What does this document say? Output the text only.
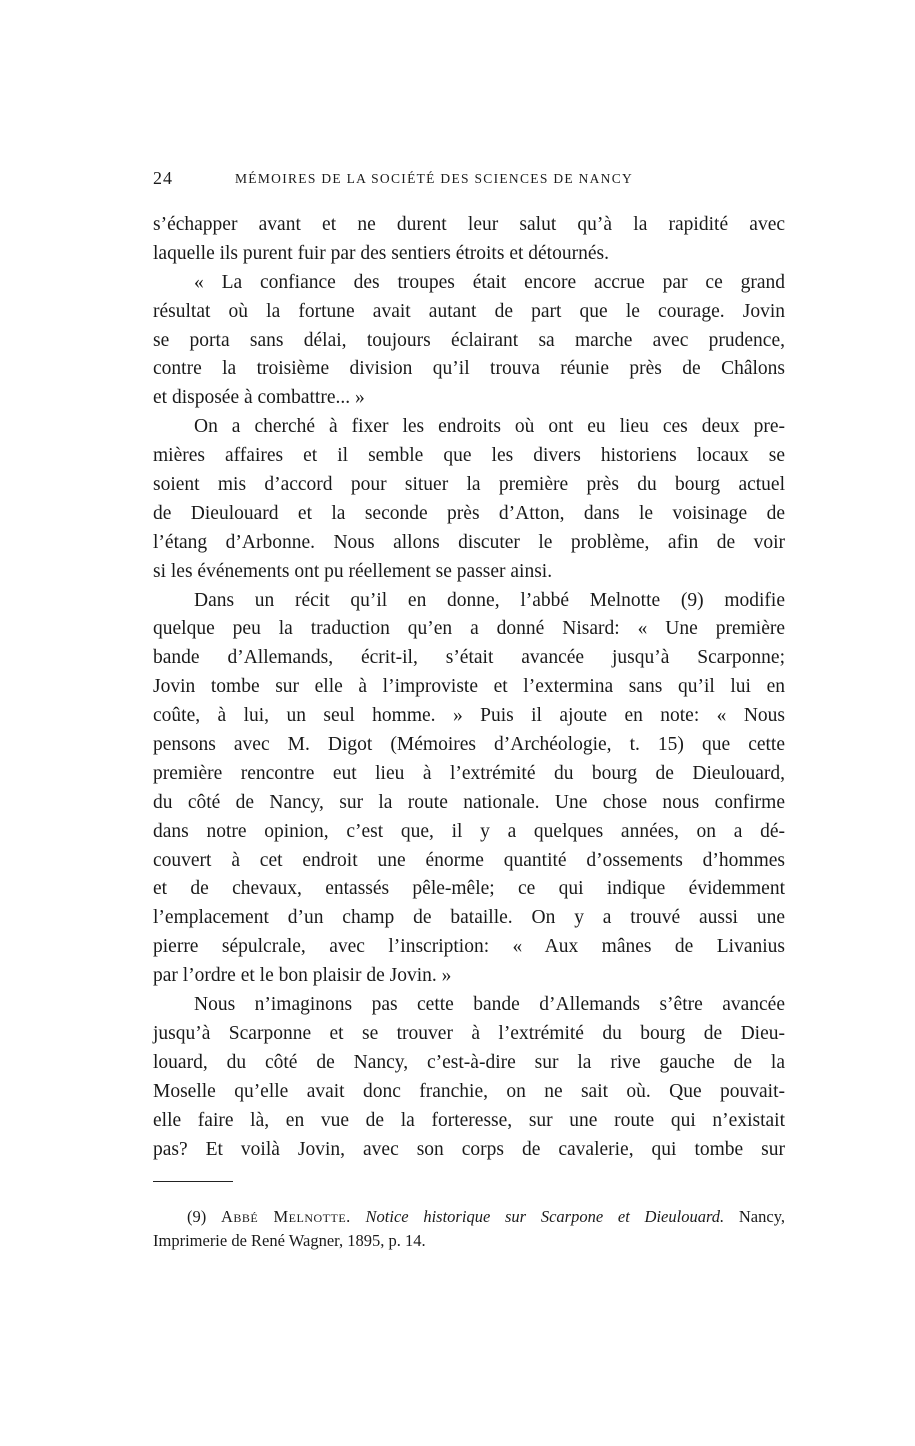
24	MÉMOIRES DE LA SOCIÉTÉ DES SCIENCES DE NANCY
s’échapper avant et ne durent leur salut qu’à la rapidité avec
laquelle ils purent fuir par des sentiers étroits et détournés.
« La confiance des troupes était encore accrue par ce grand
résultat où la fortune avait autant de part que le courage. Jovin
se porta sans délai, toujours éclairant sa marche avec prudence,
contre la troisième division qu’il trouva réunie près de Châlons
et disposée à combattre... »
On a cherché à fixer les endroits où ont eu lieu ces deux pre-
mières affaires et il semble que les divers historiens locaux se
soient mis d’accord pour situer la première près du bourg actuel
de Dieulouard et la seconde près d’Atton, dans le voisinage de
l’étang d’Arbonne. Nous allons discuter le problème, afin de voir
si les événements ont pu réellement se passer ainsi.
Dans un récit qu’il en donne, l’abbé Melnotte (9) modifie
quelque peu la traduction qu’en a donné Nisard: « Une première
bande d’Allemands, écrit-il, s’était avancée jusqu’à Scarponne;
Jovin tombe sur elle à l’improviste et l’extermina sans qu’il lui en
coûte, à lui, un seul homme. » Puis il ajoute en note: « Nous
pensons avec M. Digot (Mémoires d’Archéologie, t. 15) que cette
première rencontre eut lieu à l’extrémité du bourg de Dieulouard,
du côté de Nancy, sur la route nationale. Une chose nous confirme
dans notre opinion, c’est que, il y a quelques années, on a dé-
couvert à cet endroit une énorme quantité d’ossements d’hommes
et de chevaux, entassés pêle-mêle; ce qui indique évidemment
l’emplacement d’un champ de bataille. On y a trouvé aussi une
pierre sépulcrale, avec l’inscription: « Aux mânes de Livanius
par l’ordre et le bon plaisir de Jovin. »
Nous n’imaginons pas cette bande d’Allemands s’être avancée
jusqu’à Scarponne et se trouver à l’extrémité du bourg de Dieu-
louard, du côté de Nancy, c’est-à-dire sur la rive gauche de la
Moselle qu’elle avait donc franchie, on ne sait où. Que pouvait-
elle faire là, en vue de la forteresse, sur une route qui n’existait
pas? Et voilà Jovin, avec son corps de cavalerie, qui tombe sur
(9) Abbé Melnotte. Notice historique sur Scarpone et Dieulouard. Nancy,
Imprimerie de René Wagner, 1895, p. 14.
